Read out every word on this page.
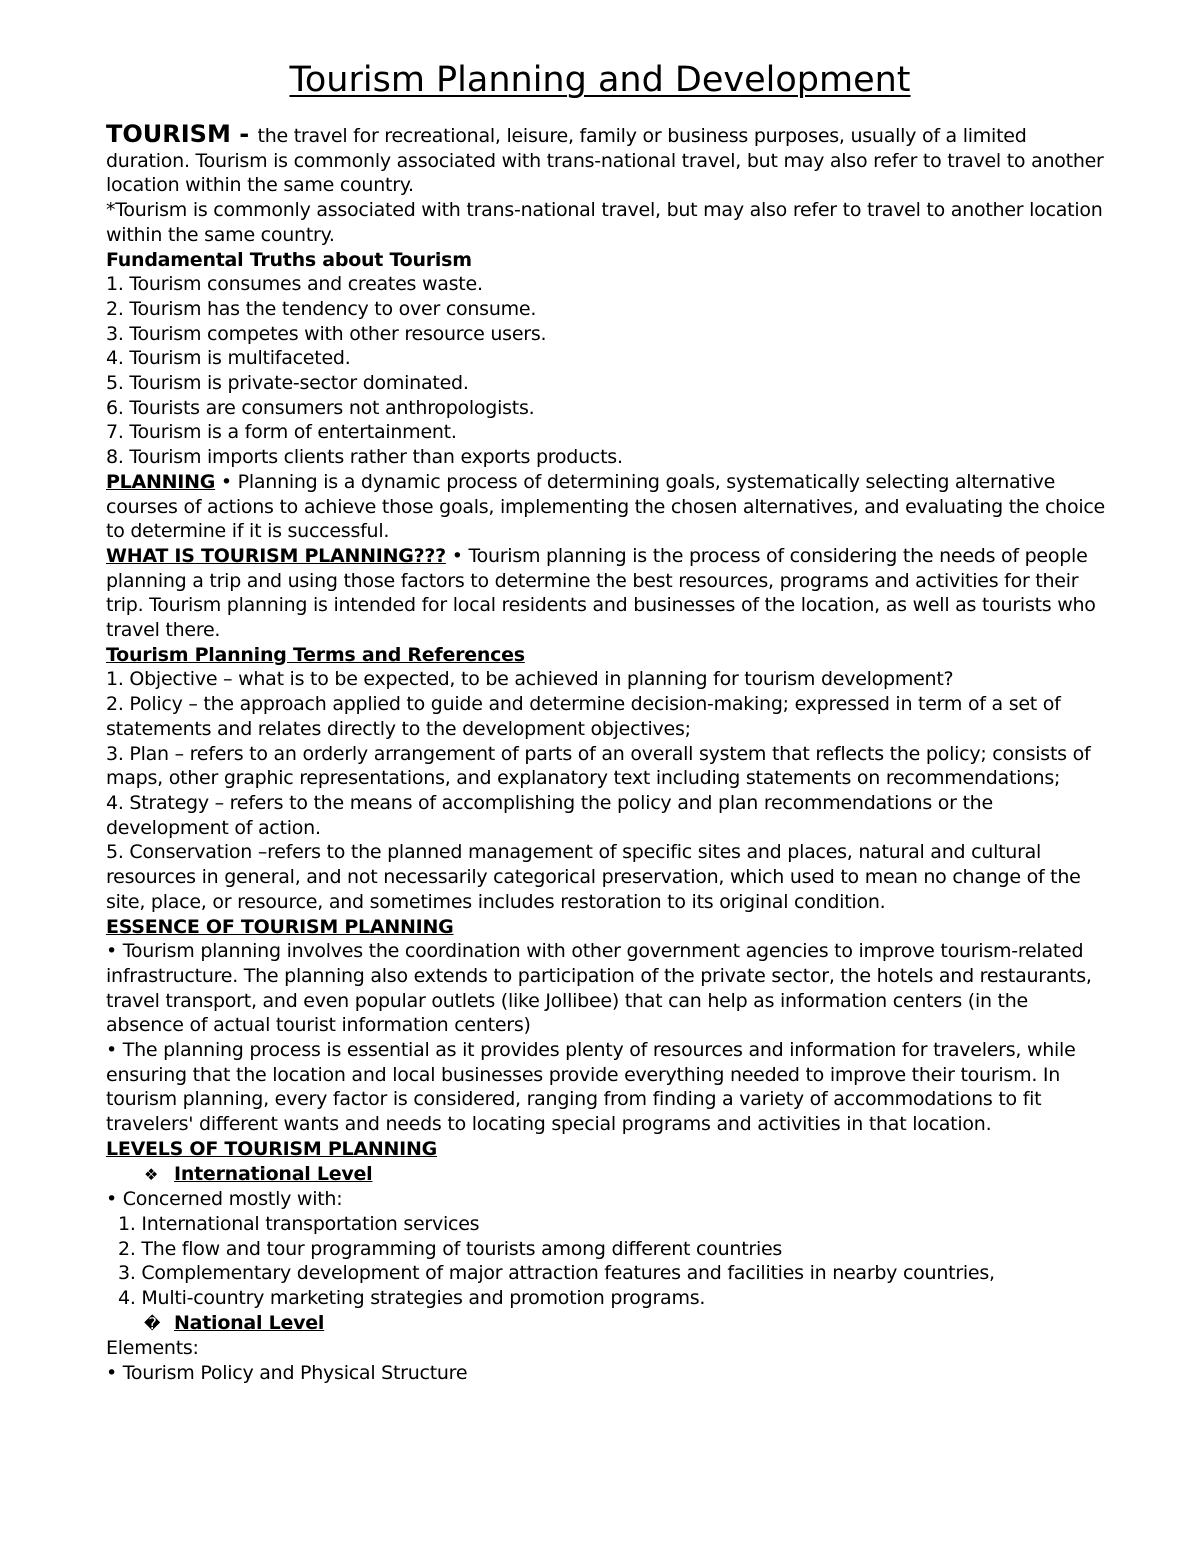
Tourism Planning and Development

TOURISM - the travel for recreational, leisure, family or business purposes, usually of a limited duration. Tourism is commonly associated with trans-national travel, but may also refer to travel to another location within the same country.

*Tourism is commonly associated with trans-national travel, but may also refer to travel to another location within the same country.

Fundamental Truths about Tourism

1. Tourism consumes and creates waste.

2. Tourism has the tendency to over consume.

3. Tourism competes with other resource users.

4. Tourism is multifaceted.

5. Tourism is private-sector dominated.

6. Tourists are consumers not anthropologists.

7. Tourism is a form of entertainment.

8. Tourism imports clients rather than exports products.

PLANNING • Planning is a dynamic process of determining goals, systematically selecting alternative courses of actions to achieve those goals, implementing the chosen alternatives, and evaluating the choice to determine if it is successful.

WHAT IS TOURISM PLANNING??? • Tourism planning is the process of considering the needs of people planning a trip and using those factors to determine the best resources, programs and activities for their trip. Tourism planning is intended for local residents and businesses of the location, as well as tourists who travel there.

Tourism Planning Terms and References

1. Objective – what is to be expected, to be achieved in planning for tourism development?

2. Policy – the approach applied to guide and determine decision-making; expressed in term of a set of statements and relates directly to the development objectives;

3. Plan – refers to an orderly arrangement of parts of an overall system that reflects the policy; consists of maps, other graphic representations, and explanatory text including statements on recommendations;

4. Strategy – refers to the means of accomplishing the policy and plan recommendations or the development of action.

5. Conservation –refers to the planned management of specific sites and places, natural and cultural resources in general, and not necessarily categorical preservation, which used to mean no change of the site, place, or resource, and sometimes includes restoration to its original condition.

ESSENCE OF TOURISM PLANNING

• Tourism planning involves the coordination with other government agencies to improve tourism-related infrastructure. The planning also extends to participation of the private sector, the hotels and restaurants, travel transport, and even popular outlets (like Jollibee) that can help as information centers (in the absence of actual tourist information centers)

• The planning process is essential as it provides plenty of resources and information for travelers, while ensuring that the location and local businesses provide everything needed to improve their tourism. In tourism planning, every factor is considered, ranging from finding a variety of accommodations to fit travelers' different wants and needs to locating special programs and activities in that location.

LEVELS OF TOURISM PLANNING

❖ International Level

• Concerned mostly with:

1. International transportation services

2. The flow and tour programming of tourists among different countries

3. Complementary development of major attraction features and facilities in nearby countries,

4. Multi-country marketing strategies and promotion programs.

� National Level

Elements:

• Tourism Policy and Physical Structure
